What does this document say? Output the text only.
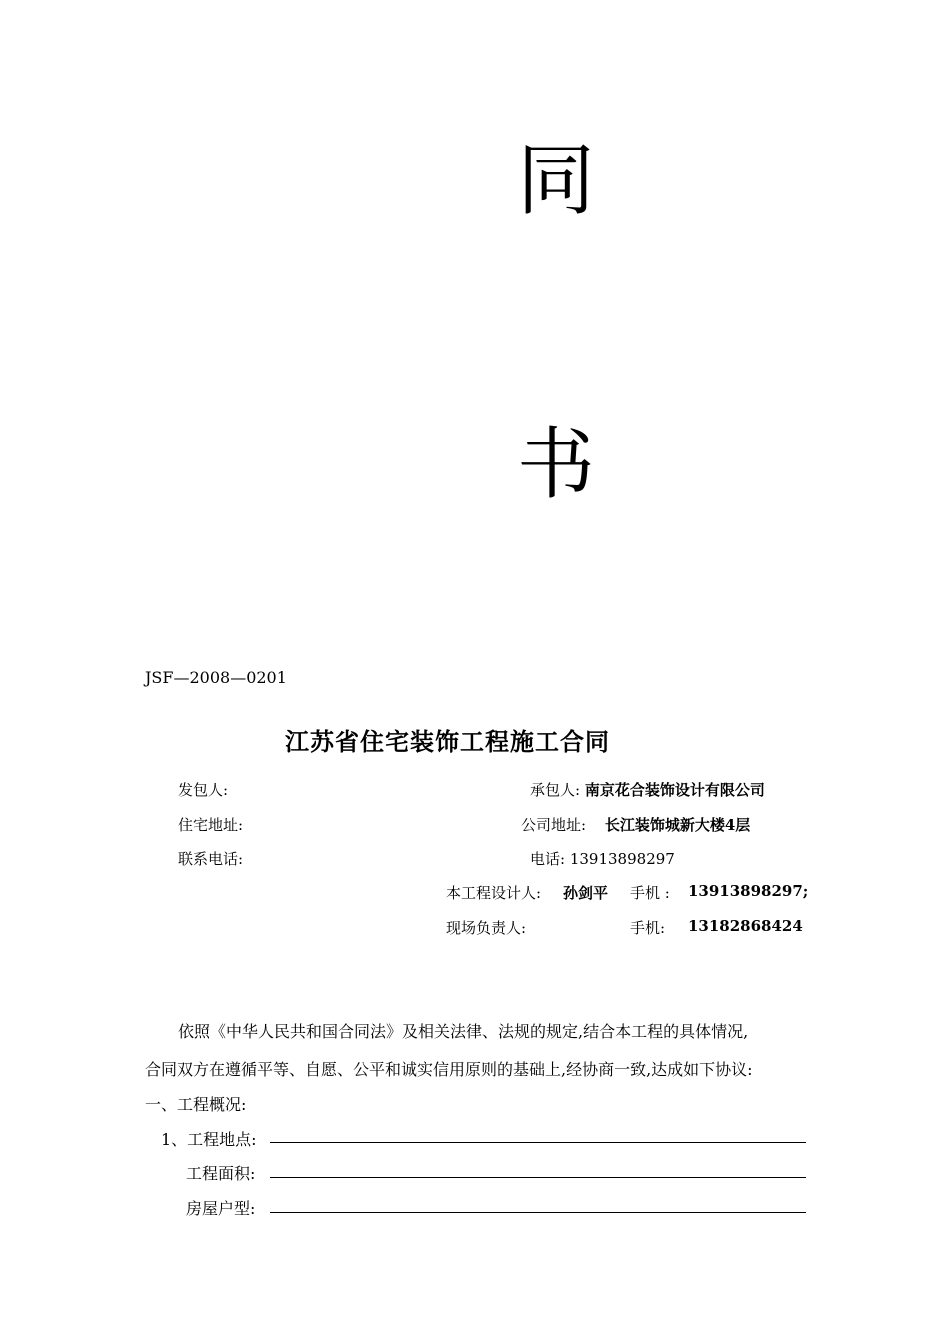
同
书
JSF—2008—0201
江苏省住宅装饰工程施工合同
发包人:
住宅地址:
联系电话:
承包人: 南京花合装饰设计有限公司
公司地址: 长江装饰城新大楼4层
电话: 13913898297
本工程设计人: 孙剑平 手机 : 13913898297;
现场负责人:	手机: 13182868424
依照《中华人民共和国合同法》及相关法律、法规的规定,结合本工程的具体情况,
合同双方在遵循平等、自愿、公平和诚实信用原则的基础上,经协商一致,达成如下协议:
一、工程概况:
1、工程地点:
工程面积:
房屋户型:
